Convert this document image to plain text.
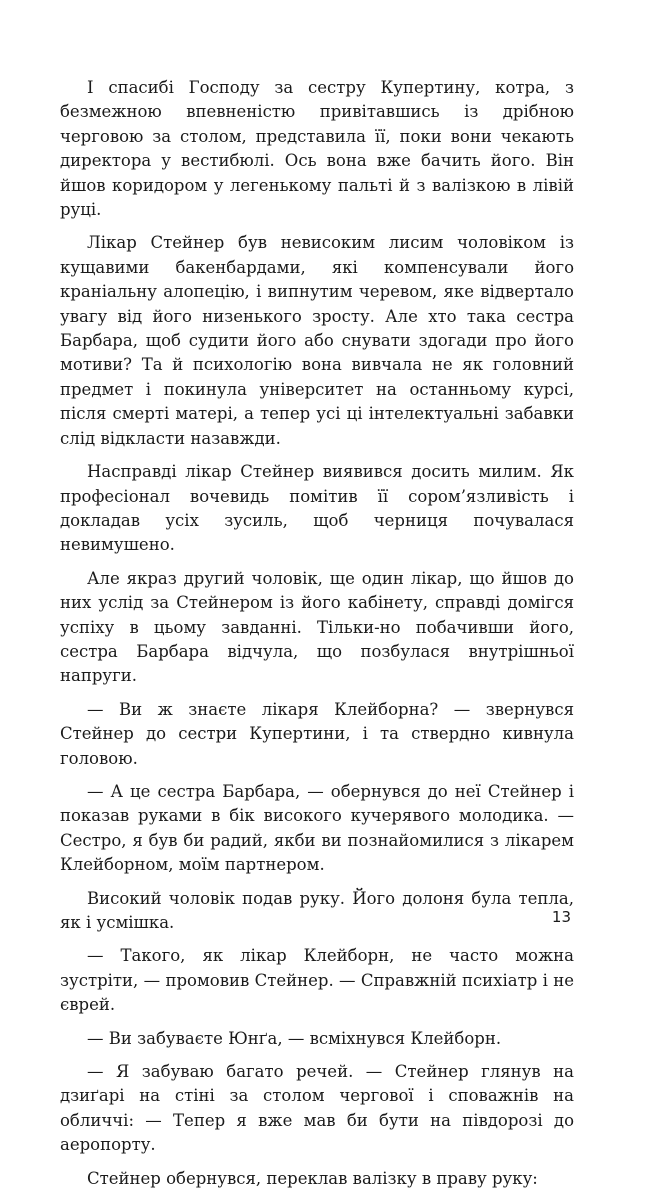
І спасибі Господу за сестру Купертину, котра, з безмежною впевненістю привітавшись із дрібною черговою за столом, представила її, поки вони чекають директора у вестибюлі. Ось вона вже бачить його. Він йшов коридором у легенькому пальті й з валізкою в лівій руці.

Лікар Стейнер був невисоким лисим чоловіком із кущавими бакенбардами, які компенсували його краніальну алопецію, і випнутим черевом, яке відвертало увагу від його низенького зросту. Але хто така сестра Барбара, щоб судити його або снувати здогади про його мотиви? Та й психологію вона вивчала не як головний предмет і покинула університет на останньому курсі, після смерті матері, а тепер усі ці інтелектуальні забавки слід відкласти назавжди.

Насправді лікар Стейнер виявився досить милим. Як професіонал вочевидь помітив її сором’язливість і докладав усіх зусиль, щоб черниця почувалася невимушено.

Але якраз другий чоловік, ще один лікар, що йшов до них услід за Стейнером із його кабінету, справді домігся успіху в цьому завданні. Тільки-но побачивши його, сестра Барбара відчула, що позбулася внутрішньої напруги.

— Ви ж знаєте лікаря Клейборна? — звернувся Стейнер до сестри Купертини, і та ствердно кивнула головою.

— А це сестра Барбара, — обернувся до неї Стейнер і показав руками в бік високого кучерявого молодика. — Сестро, я був би радий, якби ви познайомилися з лікарем Клейборном, моїм партнером.

Високий чоловік подав руку. Його долоня була тепла, як і усмішка.

— Такого, як лікар Клейборн, не часто можна зустріти, — промовив Стейнер. — Справжній психіатр і не єврей.

— Ви забуваєте Юнґа, — всміхнувся Клейборн.

— Я забуваю багато речей. — Стейнер глянув на дзиґарі на стіні за столом чергової і споважнів на обличчі: — Тепер я вже мав би бути на півдорозі до аеропорту.

Стейнер обернувся, переклав валізку в праву руку:

13
